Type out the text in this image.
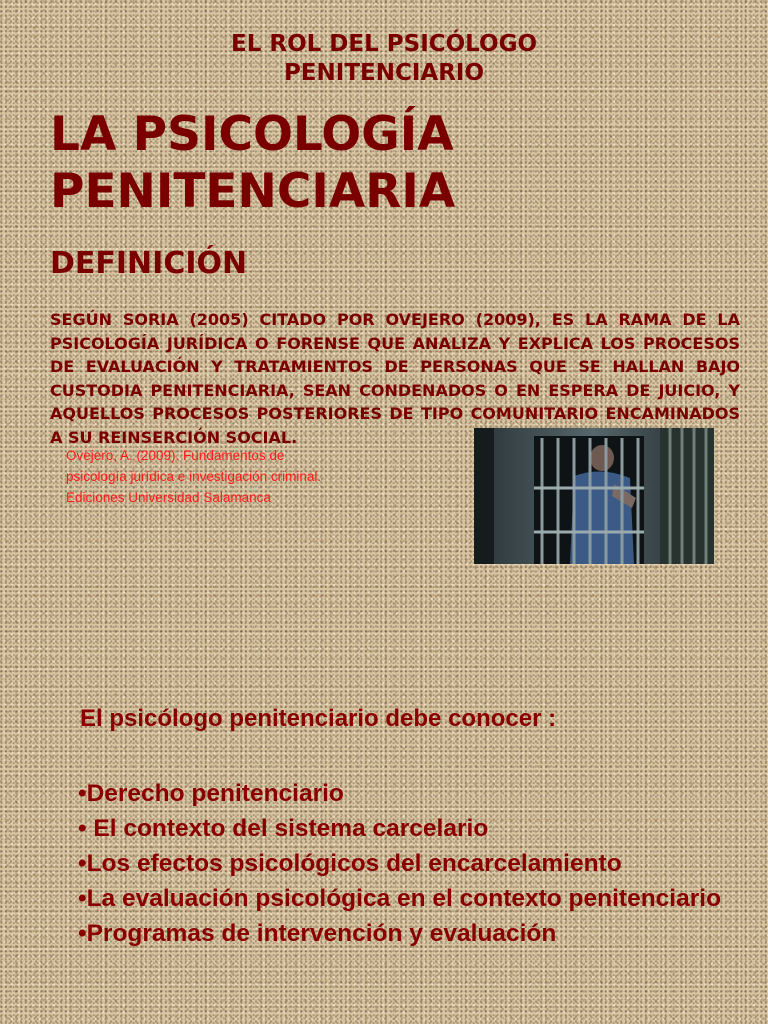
EL ROL DEL PSICÓLOGO
PENITENCIARIO
LA PSICOLOGÍA
PENITENCIARIA
DEFINICIÓN

SEGÚN SORIA (2005) CITADO POR OVEJERO (2009), ES LA RAMA DE LA PSICOLOGÍA JURÍDICA O FORENSE QUE ANALIZA Y EXPLICA LOS PROCESOS DE EVALUACIÓN Y TRATAMIENTOS DE PERSONAS QUE SE HALLAN BAJO CUSTODIA PENITENCIARIA, SEAN CONDENADOS O EN ESPERA DE JUICIO, Y AQUELLOS PROCESOS POSTERIORES DE TIPO COMUNITARIO ENCAMINADOS A SU REINSERCIÓN SOCIAL.

Ovejero, A. (2009). Fundamentos de
psicología jurídica e investigación criminal.
Ediciones Universidad Salamanca
El psicólogo penitenciario debe conocer :
•Derecho penitenciario
• El contexto del sistema carcelario
•Los efectos psicológicos del encarcelamiento
•La evaluación psicológica en el contexto penitenciario
•Programas de intervención y evaluación
